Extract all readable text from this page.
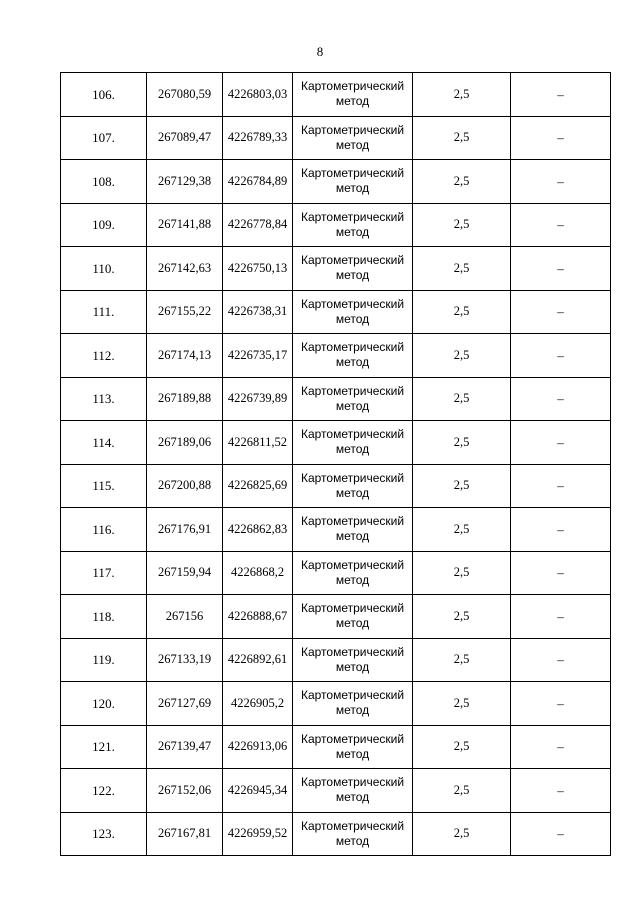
8
106.	267080,59	4226803,03	Картометрический метод	2,5	–
107.	267089,47	4226789,33	Картометрический метод	2,5	–
108.	267129,38	4226784,89	Картометрический метод	2,5	–
109.	267141,88	4226778,84	Картометрический метод	2,5	–
110.	267142,63	4226750,13	Картометрический метод	2,5	–
111.	267155,22	4226738,31	Картометрический метод	2,5	–
112.	267174,13	4226735,17	Картометрический метод	2,5	–
113.	267189,88	4226739,89	Картометрический метод	2,5	–
114.	267189,06	4226811,52	Картометрический метод	2,5	–
115.	267200,88	4226825,69	Картометрический метод	2,5	–
116.	267176,91	4226862,83	Картометрический метод	2,5	–
117.	267159,94	4226868,2	Картометрический метод	2,5	–
118.	267156	4226888,67	Картометрический метод	2,5	–
119.	267133,19	4226892,61	Картометрический метод	2,5	–
120.	267127,69	4226905,2	Картометрический метод	2,5	–
121.	267139,47	4226913,06	Картометрический метод	2,5	–
122.	267152,06	4226945,34	Картометрический метод	2,5	–
123.	267167,81	4226959,52	Картометрический метод	2,5	–
